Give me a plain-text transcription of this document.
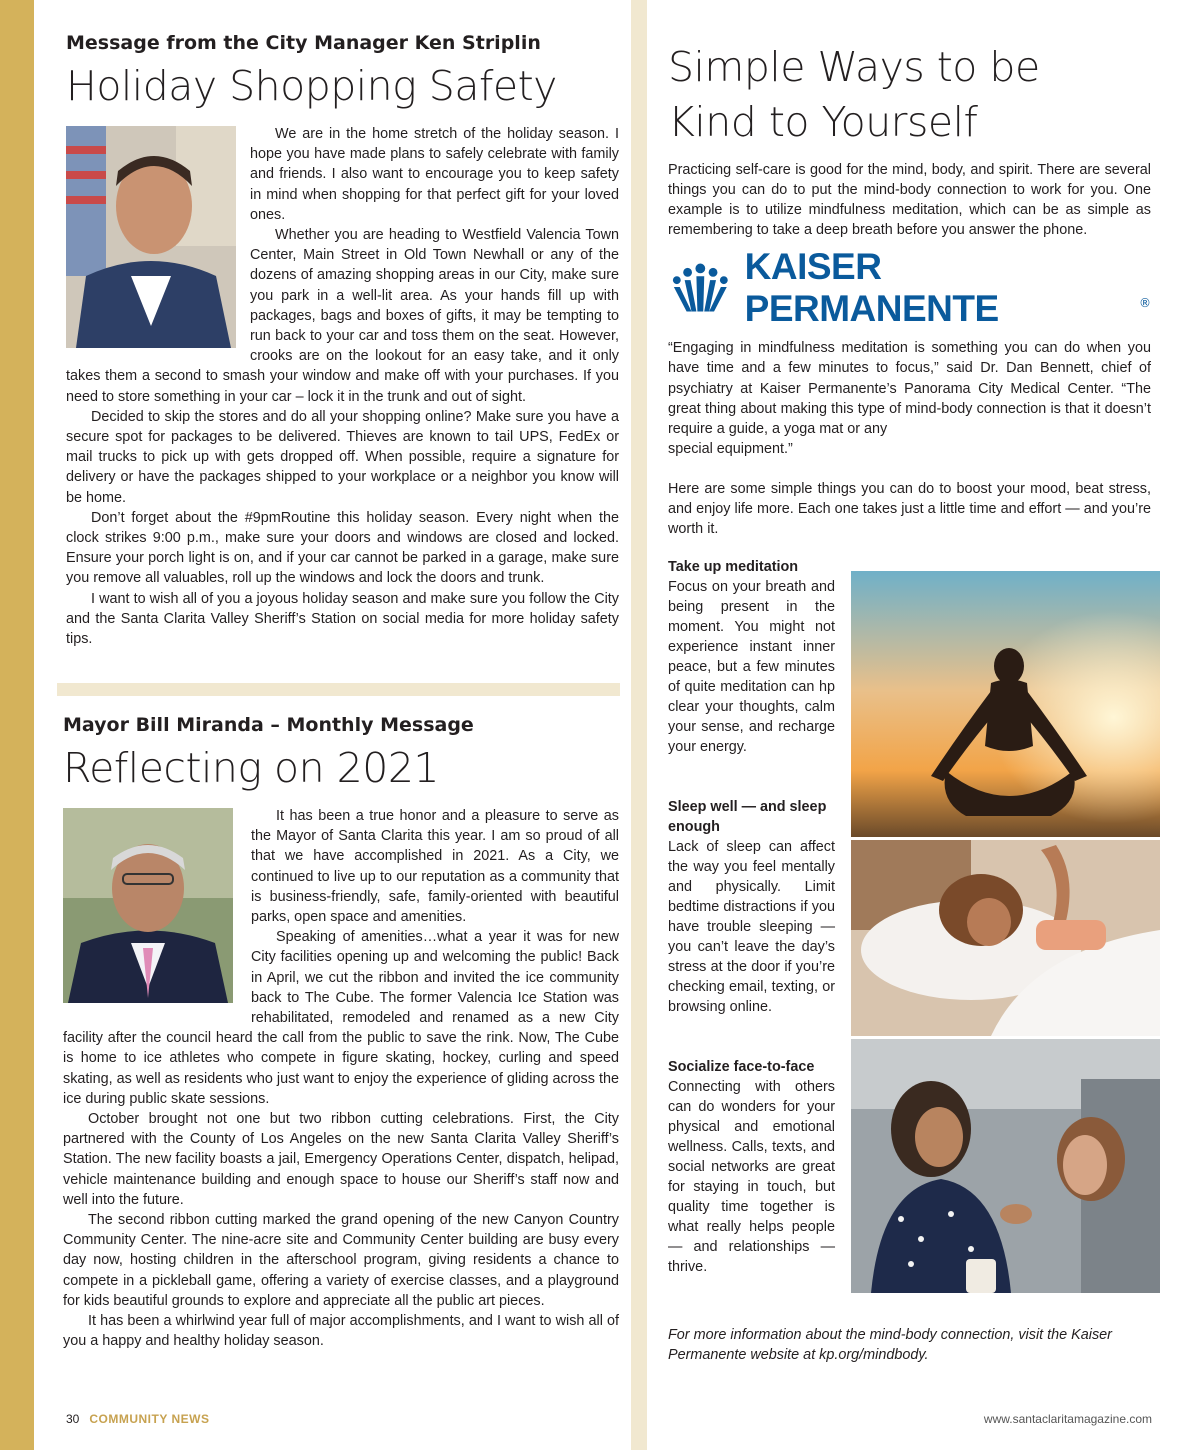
Message from the City Manager Ken Striplin
Holiday Shopping Safety

We are in the home stretch of the holiday season. I hope you have made plans to safely celebrate with family and friends. I also want to encourage you to keep safety in mind when shopping for that perfect gift for your loved ones.

Whether you are heading to Westfield Valencia Town Center, Main Street in Old Town Newhall or any of the dozens of amazing shopping areas in our City, make sure you park in a well-lit area. As your hands fill up with packages, bags and boxes of gifts, it may be tempting to run back to your car and toss them on the seat. However, crooks are on the lookout for an easy take, and it only takes them a second to smash your window and make off with your purchases. If you need to store something in your car – lock it in the trunk and out of sight.

Decided to skip the stores and do all your shopping online? Make sure you have a secure spot for packages to be delivered. Thieves are known to tail UPS, FedEx or mail trucks to pick up with gets dropped off. When possible, require a signature for delivery or have the packages shipped to your workplace or a neighbor you know will be home.

Don’t forget about the #9pmRoutine this holiday season. Every night when the clock strikes 9:00 p.m., make sure your doors and windows are closed and locked. Ensure your porch light is on, and if your car cannot be parked in a garage, make sure you remove all valuables, roll up the windows and lock the doors and trunk.

I want to wish all of you a joyous holiday season and make sure you follow the City and the Santa Clarita Valley Sheriff’s Station on social media for more holiday safety tips.

Mayor Bill Miranda – Monthly Message
Reflecting on 2021

It has been a true honor and a pleasure to serve as the Mayor of Santa Clarita this year. I am so proud of all that we have accomplished in 2021. As a City, we continued to live up to our reputation as a community that is business-friendly, safe, family-oriented with beautiful parks, open space and amenities.

Speaking of amenities…what a year it was for new City facilities opening up and welcoming the public! Back in April, we cut the ribbon and invited the ice community back to The Cube. The former Valencia Ice Station was rehabilitated, remodeled and renamed as a new City facility after the council heard the call from the public to save the rink. Now, The Cube is home to ice athletes who compete in figure skating, hockey, curling and speed skating, as well as residents who just want to enjoy the experience of gliding across the ice during public skate sessions.

October brought not one but two ribbon cutting celebrations. First, the City partnered with the County of Los Angeles on the new Santa Clarita Valley Sheriff’s Station. The new facility boasts a jail, Emergency Operations Center, dispatch, helipad, vehicle maintenance building and enough space to house our Sheriff’s staff now and well into the future.

The second ribbon cutting marked the grand opening of the new Canyon Country Community Center. The nine-acre site and Community Center building are busy every day now, hosting children in the afterschool program, giving residents a chance to compete in a pickleball game, offering a variety of exercise classes, and a playground for kids beautiful grounds to explore and appreciate all the public art pieces.

It has been a whirlwind year full of major accomplishments, and I want to wish all of you a happy and healthy holiday season.

Simple Ways to be
Kind to Yourself

Practicing self-care is good for the mind, body, and spirit. There are several things you can do to put the mind-body connection to work for you. One example is to utilize mindfulness meditation, which can be as simple as remembering to take a deep breath before you answer the phone.

KAISER PERMANENTE	®

“Engaging in mindfulness meditation is something you can do when you have time and a few minutes to focus,” said Dr. Dan Bennett, chief of psychiatry at Kaiser Permanente’s Panorama City Medical Center. “The great thing about making this type of mind-body connection is that it doesn’t require a guide, a yoga mat or any
special equipment.”

Here are some simple things you can do to boost your mood, beat stress, and enjoy life more. Each one takes just a little time and effort — and you’re worth it.

Take up meditation
Focus on your breath and being present in the moment. You might not experience instant inner peace, but a few minutes of quite meditation can hp clear your thoughts, calm your sense, and recharge your energy.
Sleep well — and sleep enough
Lack of sleep can affect the way you feel mentally and physically. Limit bedtime distractions if you have trouble sleeping — you can’t leave the day’s stress at the door if you’re checking email, texting, or browsing online.
Socialize face-to-face
Connecting with others can do wonders for your physical and emotional wellness. Calls, texts, and social networks are great for staying in touch, but quality time together is what really helps people — and relationships — thrive.

For more information about the mind-body connection, visit the Kaiser Permanente website at kp.org/mindbody.

30 COMMUNITY NEWS	www.santaclaritamagazine.com
